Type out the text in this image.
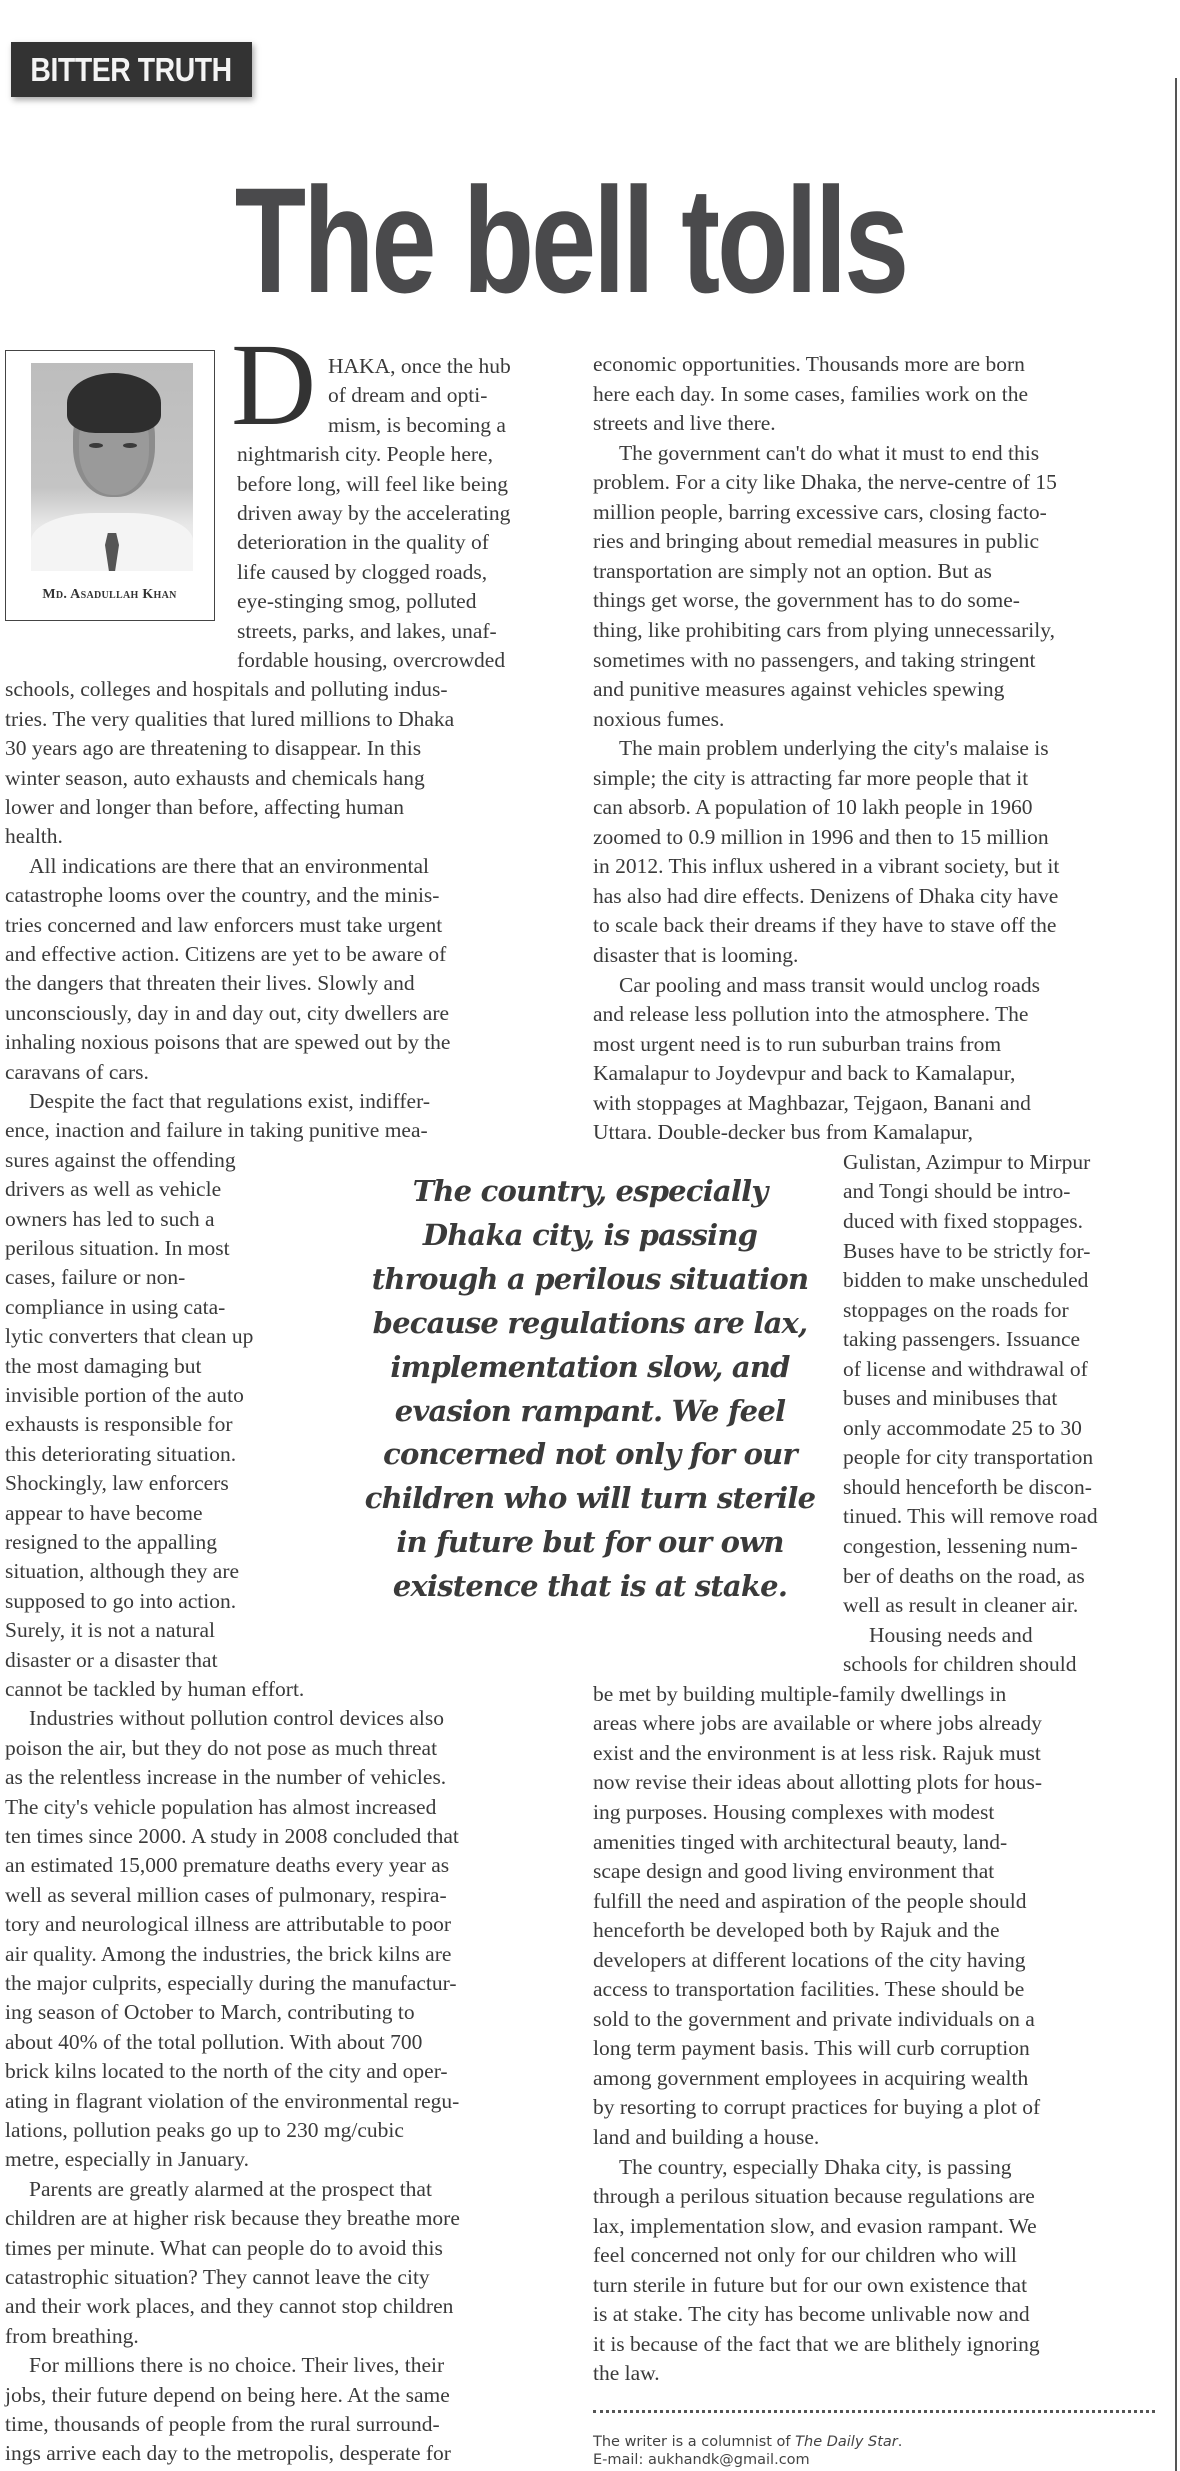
BITTER TRUTH
The bell tolls
Md. Asadullah Khan
D HAKA, once the hub
of dream and opti-
mism, is becoming a
nightmarish city. People here,
before long, will feel like being
driven away by the accelerating
deterioration in the quality of
life caused by clogged roads,
eye-stinging smog, polluted
streets, parks, and lakes, unaf-
fordable housing, overcrowded
schools, colleges and hospitals and polluting indus-
tries. The very qualities that lured millions to Dhaka
30 years ago are threatening to disappear. In this
winter season, auto exhausts and chemicals hang
lower and longer than before, affecting human
health.
All indications are there that an environmental
catastrophe looms over the country, and the minis-
tries concerned and law enforcers must take urgent
and effective action. Citizens are yet to be aware of
the dangers that threaten their lives. Slowly and
unconsciously, day in and day out, city dwellers are
inhaling noxious poisons that are spewed out by the
caravans of cars.
Despite the fact that regulations exist, indiffer-
ence, inaction and failure in taking punitive mea-
sures against the offending
drivers as well as vehicle
owners has led to such a
perilous situation. In most
cases, failure or non-
compliance in using cata-
lytic converters that clean up
the most damaging but
invisible portion of the auto
exhausts is responsible for
this deteriorating situation.
Shockingly, law enforcers
appear to have become
resigned to the appalling
situation, although they are
supposed to go into action.
Surely, it is not a natural
disaster or a disaster that
cannot be tackled by human effort.
Industries without pollution control devices also
poison the air, but they do not pose as much threat
as the relentless increase in the number of vehicles.
The city's vehicle population has almost increased
ten times since 2000. A study in 2008 concluded that
an estimated 15,000 premature deaths every year as
well as several million cases of pulmonary, respira-
tory and neurological illness are attributable to poor
air quality. Among the industries, the brick kilns are
the major culprits, especially during the manufactur-
ing season of October to March, contributing to
about 40% of the total pollution. With about 700
brick kilns located to the north of the city and oper-
ating in flagrant violation of the environmental regu-
lations, pollution peaks go up to 230 mg/cubic
metre, especially in January.
Parents are greatly alarmed at the prospect that
children are at higher risk because they breathe more
times per minute. What can people do to avoid this
catastrophic situation? They cannot leave the city
and their work places, and they cannot stop children
from breathing.
For millions there is no choice. Their lives, their
jobs, their future depend on being here. At the same
time, thousands of people from the rural surround-
ings arrive each day to the metropolis, desperate for
economic opportunities. Thousands more are born
here each day. In some cases, families work on the
streets and live there.
The government can't do what it must to end this
problem. For a city like Dhaka, the nerve-centre of 15
million people, barring excessive cars, closing facto-
ries and bringing about remedial measures in public
transportation are simply not an option. But as
things get worse, the government has to do some-
thing, like prohibiting cars from plying unnecessarily,
sometimes with no passengers, and taking stringent
and punitive measures against vehicles spewing
noxious fumes.
The main problem underlying the city's malaise is
simple; the city is attracting far more people that it
can absorb. A population of 10 lakh people in 1960
zoomed to 0.9 million in 1996 and then to 15 million
in 2012. This influx ushered in a vibrant society, but it
has also had dire effects. Denizens of Dhaka city have
to scale back their dreams if they have to stave off the
disaster that is looming.
Car pooling and mass transit would unclog roads
and release less pollution into the atmosphere. The
most urgent need is to run suburban trains from
Kamalapur to Joydevpur and back to Kamalapur,
with stoppages at Maghbazar, Tejgaon, Banani and
Uttara. Double-decker bus from Kamalapur,
Gulistan, Azimpur to Mirpur
and Tongi should be intro-
duced with fixed stoppages.
Buses have to be strictly for-
bidden to make unscheduled
stoppages on the roads for
taking passengers. Issuance
of license and withdrawal of
buses and minibuses that
only accommodate 25 to 30
people for city transportation
should henceforth be discon-
tinued. This will remove road
congestion, lessening num-
ber of deaths on the road, as
well as result in cleaner air.
Housing needs and
schools for children should
be met by building multiple-family dwellings in
areas where jobs are available or where jobs already
exist and the environment is at less risk. Rajuk must
now revise their ideas about allotting plots for hous-
ing purposes. Housing complexes with modest
amenities tinged with architectural beauty, land-
scape design and good living environment that
fulfill the need and aspiration of the people should
henceforth be developed both by Rajuk and the
developers at different locations of the city having
access to transportation facilities. These should be
sold to the government and private individuals on a
long term payment basis. This will curb corruption
among government employees in acquiring wealth
by resorting to corrupt practices for buying a plot of
land and building a house.
The country, especially Dhaka city, is passing
through a perilous situation because regulations are
lax, implementation slow, and evasion rampant. We
feel concerned not only for our children who will
turn sterile in future but for our own existence that
is at stake. The city has become unlivable now and
it is because of the fact that we are blithely ignoring
the law.
The country, especially
Dhaka city, is passing
through a perilous situation
because regulations are lax,
implementation slow, and
evasion rampant. We feel
concerned not only for our
children who will turn sterile
in future but for our own
existence that is at stake.
The writer is a columnist of The Daily Star.
E-mail: aukhandk@gmail.com
